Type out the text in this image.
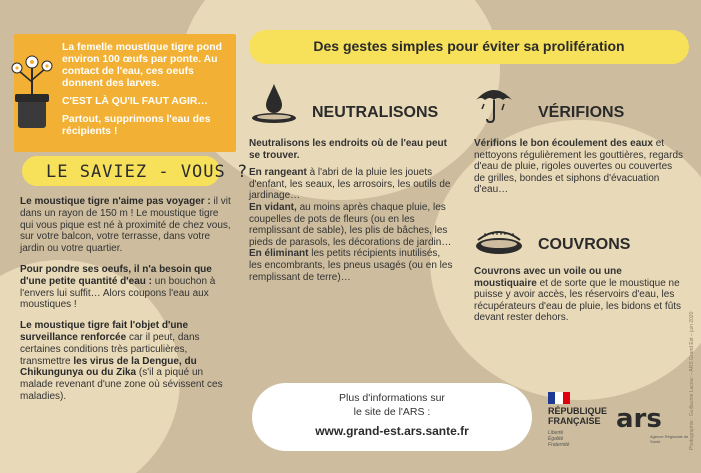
La femelle moustique tigre pond environ 100 œufs par ponte. Au contact de l'eau, ces oeufs donnent des larves.

C'EST LÀ QU'IL FAUT AGIR…

Partout, supprimons l'eau des récipients !

LE SAVIEZ - VOUS ?

Le moustique tigre n'aime pas voyager : il vit dans un rayon de 150 m ! Le moustique tigre qui vous pique est né à proximité de chez vous, sur votre balcon, votre terrasse, dans votre jardin ou votre quartier.

Pour pondre ses oeufs, il n'a besoin que d'une petite quantité d'eau : un bouchon à l'envers lui suffit… Alors coupons l'eau aux moustiques !

Le moustique tigre fait l'objet d'une surveillance renforcée car il peut, dans certaines conditions très particulières, transmettre les virus de la Dengue, du Chikungunya ou du Zika (s'il a piqué un malade revenant d'une zone où sévissent ces maladies).

Des gestes simples pour éviter sa prolifération
NEUTRALISONS

Neutralisons les endroits où de l'eau peut se trouver.

En rangeant à l'abri de la pluie les jouets d'enfant, les seaux, les arrosoirs, les outils de jardinage…

En vidant, au moins après chaque pluie, les coupelles de pots de fleurs (ou en les remplissant de sable), les plis de bâches, les pieds de parasols, les décorations de jardin…

En éliminant les petits récipients inutilisés, les encombrants, les pneus usagés (ou en les remplissant de terre)…

VÉRIFIONS

Vérifions le bon écoulement des eaux et nettoyons régulièrement les gouttières, regards d'eau de pluie, rigoles ouvertes ou couvertes de grilles, bondes et siphons d'évacuation d'eau…

COUVRONS

Couvrons avec un voile ou une moustiquaire et de sorte que le moustique ne puisse y avoir accès, les réservoirs d'eau, les récupérateurs d'eau de pluie, les bidons et fûts devant rester dehors.

Plus d'informations sur
le site de l'ARS :
www.grand-est.ars.sante.fr
RÉPUBLIQUE
FRANÇAISE
Liberté
Égalité
Fraternité
ars
Agence Régionale de Santé	Photographie : Guillaume Lacour – ARS Grand Est – juin 2020
